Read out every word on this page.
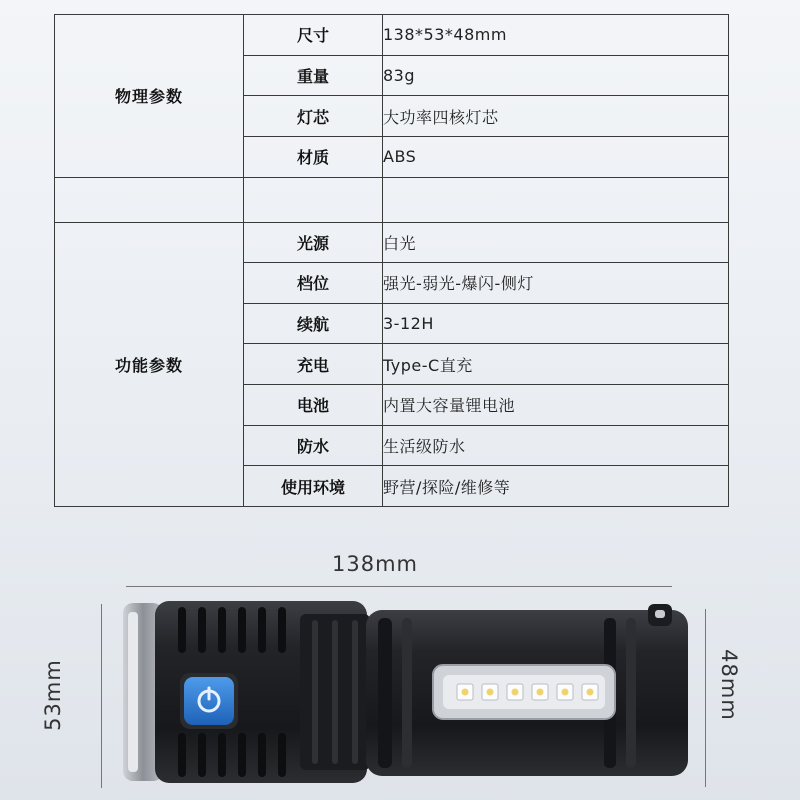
物理参数	尺寸	138*53*48mm
	重量	83g
	灯芯	大功率四核灯芯
	材质	ABS

功能参数	光源	白光
	档位	强光-弱光-爆闪-侧灯
	续航	3-12H
	充电	Type-C直充
	电池	内置大容量锂电池
	防水	生活级防水
	使用环境	野营/探险/维修等
138mm
53mm	48mm
